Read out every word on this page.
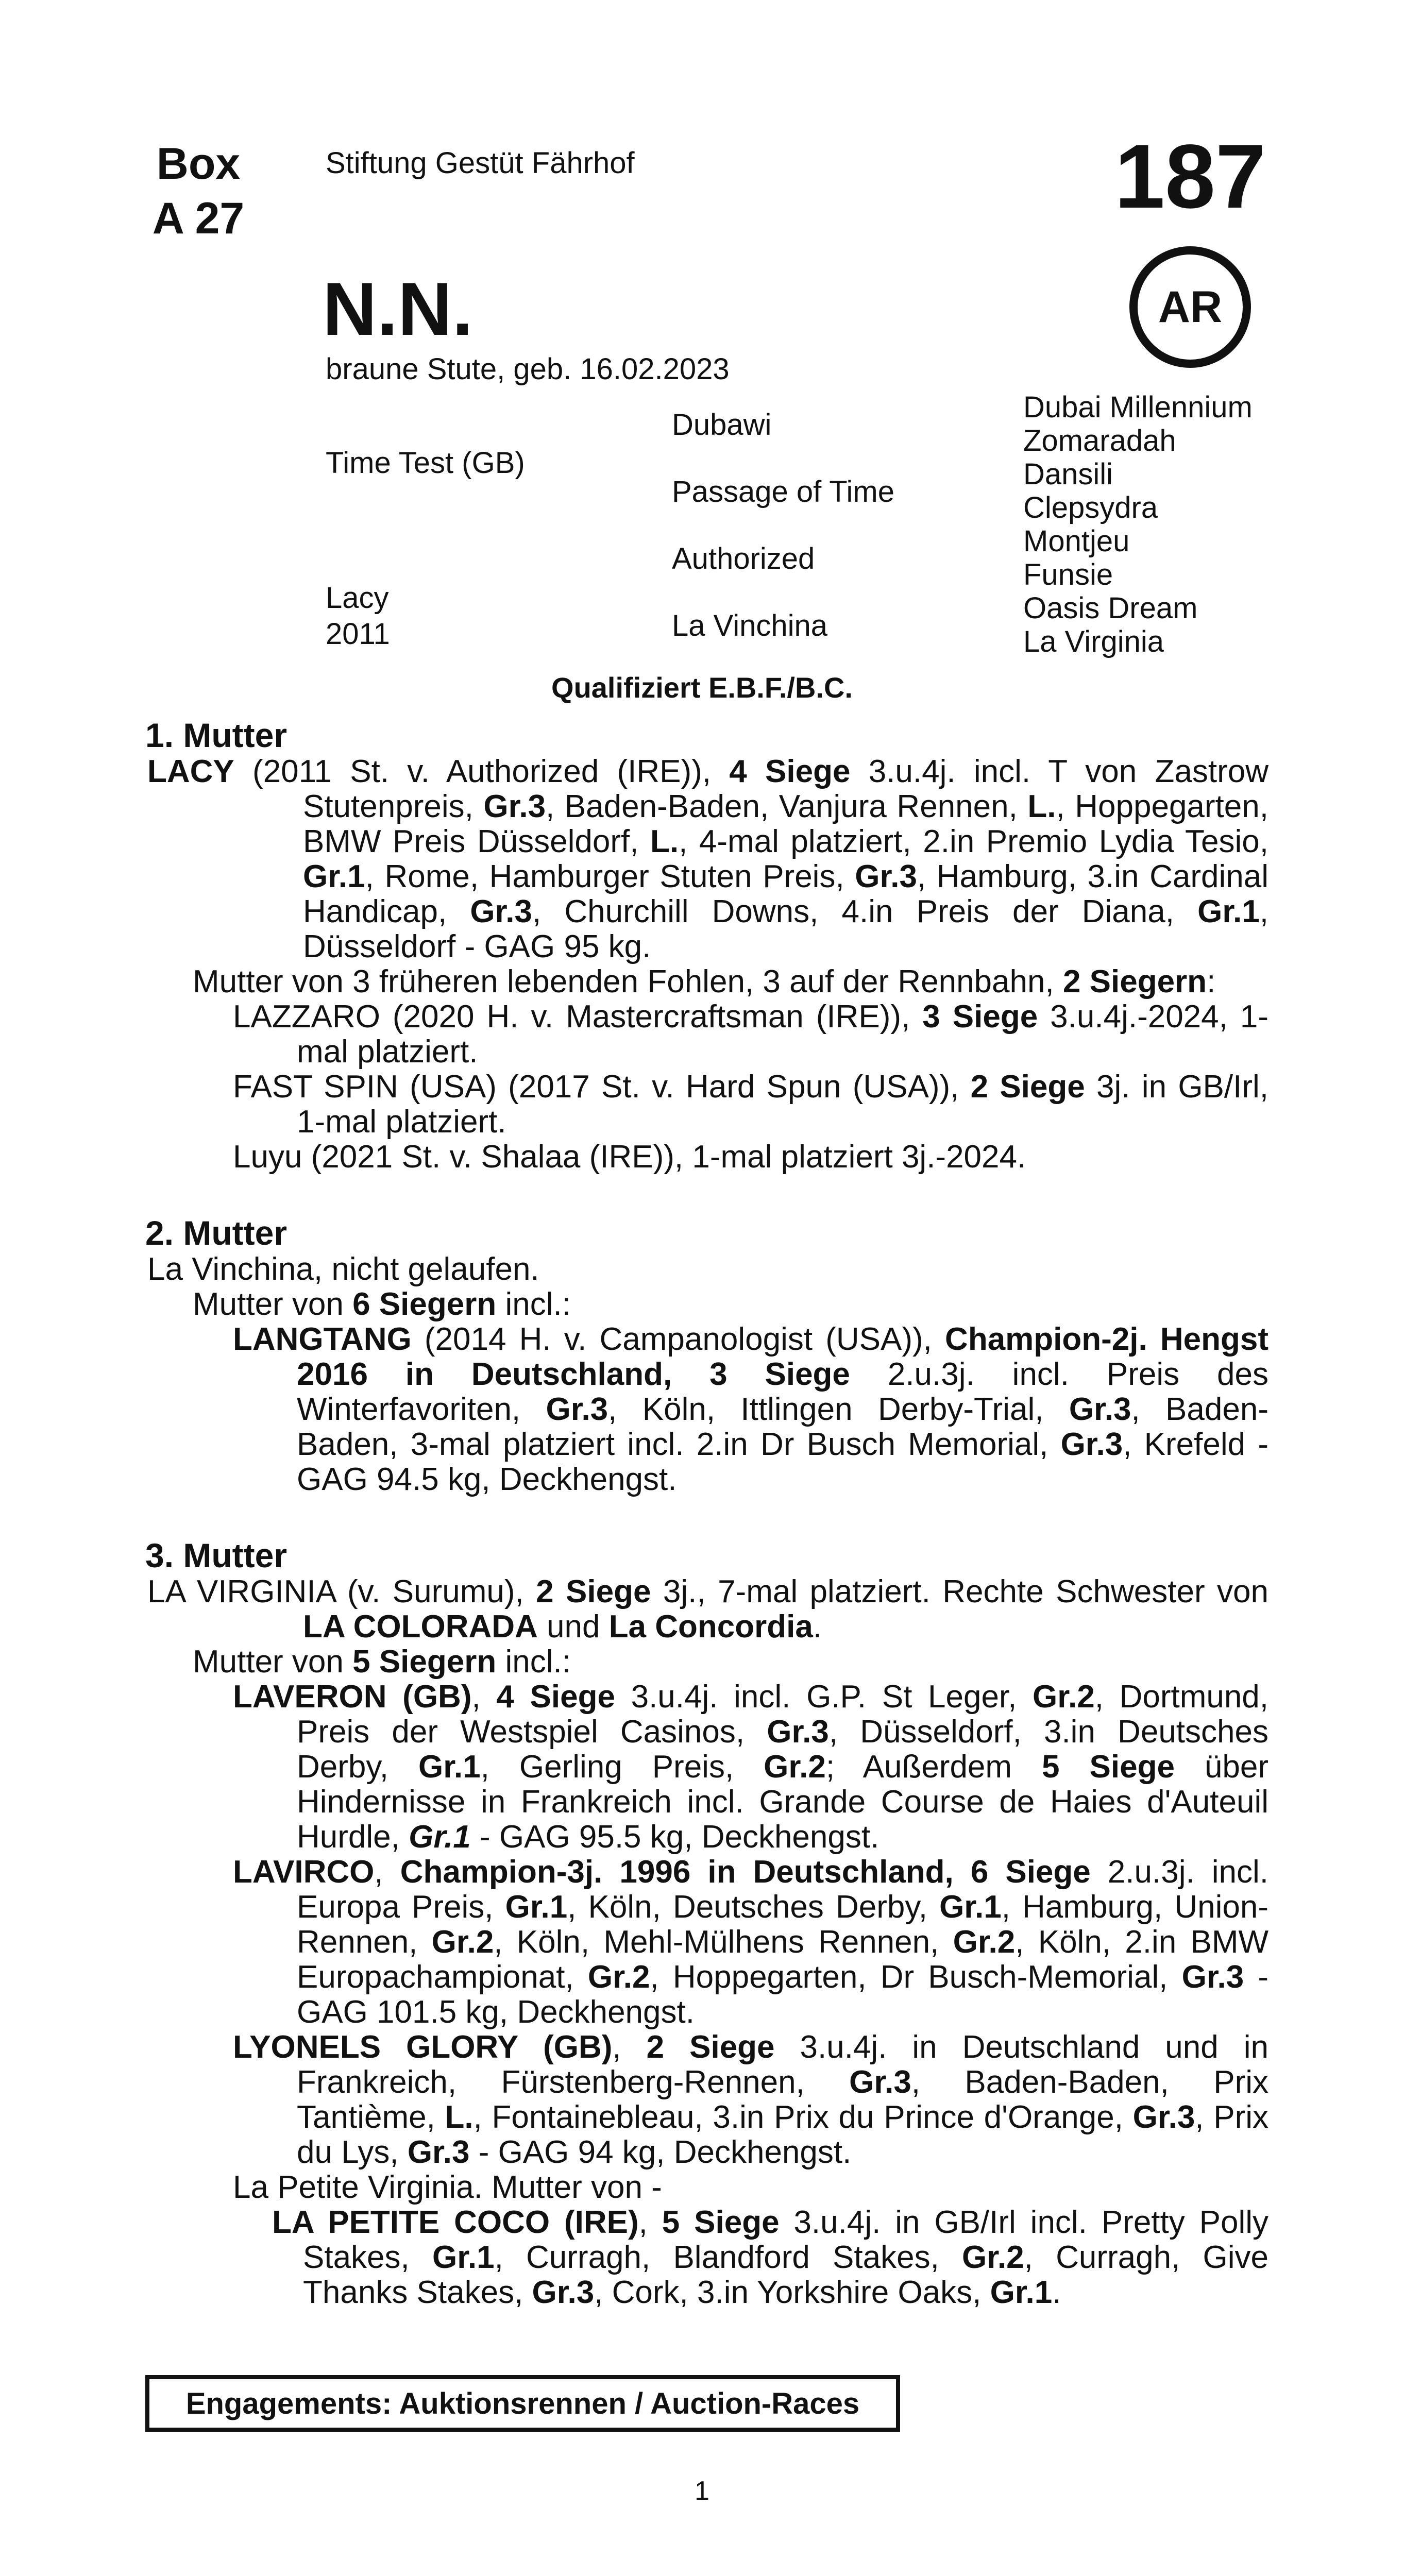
Box
A 27
Stiftung Gestüt Fährhof	187
AR
N.N.
braune Stute, geb. 16.02.2023
Time Test (GB)
Lacy
2011
Dubawi
Passage of Time
Authorized
La Vinchina
Dubai Millennium
Zomaradah
Dansili
Clepsydra
Montjeu
Funsie
Oasis Dream
La Virginia
Qualifiziert E.B.F./B.C.
1. Mutter

LACY (2011 St. v. Authorized (IRE)), 4 Siege 3.u.4j. incl. T von Zastrow Stutenpreis, Gr.3, Baden-Baden, Vanjura Rennen, L., Hoppegarten, BMW Preis Düsseldorf, L., 4-mal platziert, 2.in Premio Lydia Tesio, Gr.1, Rome, Hamburger Stuten Preis, Gr.3, Hamburg, 3.in Cardinal Handicap, Gr.3, Churchill Downs, 4.in Preis der Diana, Gr.1, Düsseldorf - GAG 95 kg.

Mutter von 3 früheren lebenden Fohlen, 3 auf der Rennbahn, 2 Siegern:

LAZZARO (2020 H. v. Mastercraftsman (IRE)), 3 Siege 3.u.4j.-2024, 1-mal platziert.

FAST SPIN (USA) (2017 St. v. Hard Spun (USA)), 2 Siege 3j. in GB/Irl, 1-mal platziert.

Luyu (2021 St. v. Shalaa (IRE)), 1-mal platziert 3j.-2024.

2. Mutter

La Vinchina, nicht gelaufen.

Mutter von 6 Siegern incl.:

LANGTANG (2014 H. v. Campanologist (USA)), Champion-2j. Hengst 2016 in Deutschland, 3 Siege 2.u.3j. incl. Preis des Winterfavoriten, Gr.3, Köln, Ittlingen Derby-Trial, Gr.3, Baden-Baden, 3-mal platziert incl. 2.in Dr Busch Memorial, Gr.3, Krefeld - GAG 94.5 kg, Deckhengst.

3. Mutter

LA VIRGINIA (v. Surumu), 2 Siege 3j., 7-mal platziert. Rechte Schwester von LA COLORADA und La Concordia.

Mutter von 5 Siegern incl.:

LAVERON (GB), 4 Siege 3.u.4j. incl. G.P. St Leger, Gr.2, Dortmund, Preis der Westspiel Casinos, Gr.3, Düsseldorf, 3.in Deutsches Derby, Gr.1, Gerling Preis, Gr.2; Außerdem 5 Siege über Hindernisse in Frankreich incl. Grande Course de Haies d'Auteuil Hurdle, Gr.1 - GAG 95.5 kg, Deckhengst.

LAVIRCO, Champion-3j. 1996 in Deutschland, 6 Siege 2.u.3j. incl. Europa Preis, Gr.1, Köln, Deutsches Derby, Gr.1, Hamburg, Union-Rennen, Gr.2, Köln, Mehl-Mülhens Rennen, Gr.2, Köln, 2.in BMW Europachampionat, Gr.2, Hoppegarten, Dr Busch-Memorial, Gr.3 - GAG 101.5 kg, Deckhengst.

LYONELS GLORY (GB), 2 Siege 3.u.4j. in Deutschland und in Frankreich, Fürstenberg-Rennen, Gr.3, Baden-Baden, Prix Tantième, L., Fontainebleau, 3.in Prix du Prince d'Orange, Gr.3, Prix du Lys, Gr.3 - GAG 94 kg, Deckhengst.

La Petite Virginia. Mutter von -

LA PETITE COCO (IRE), 5 Siege 3.u.4j. in GB/Irl incl. Pretty Polly Stakes, Gr.1, Curragh, Blandford Stakes, Gr.2, Curragh, Give Thanks Stakes, Gr.3, Cork, 3.in Yorkshire Oaks, Gr.1.

Engagements: Auktionsrennen / Auction-Races
1
